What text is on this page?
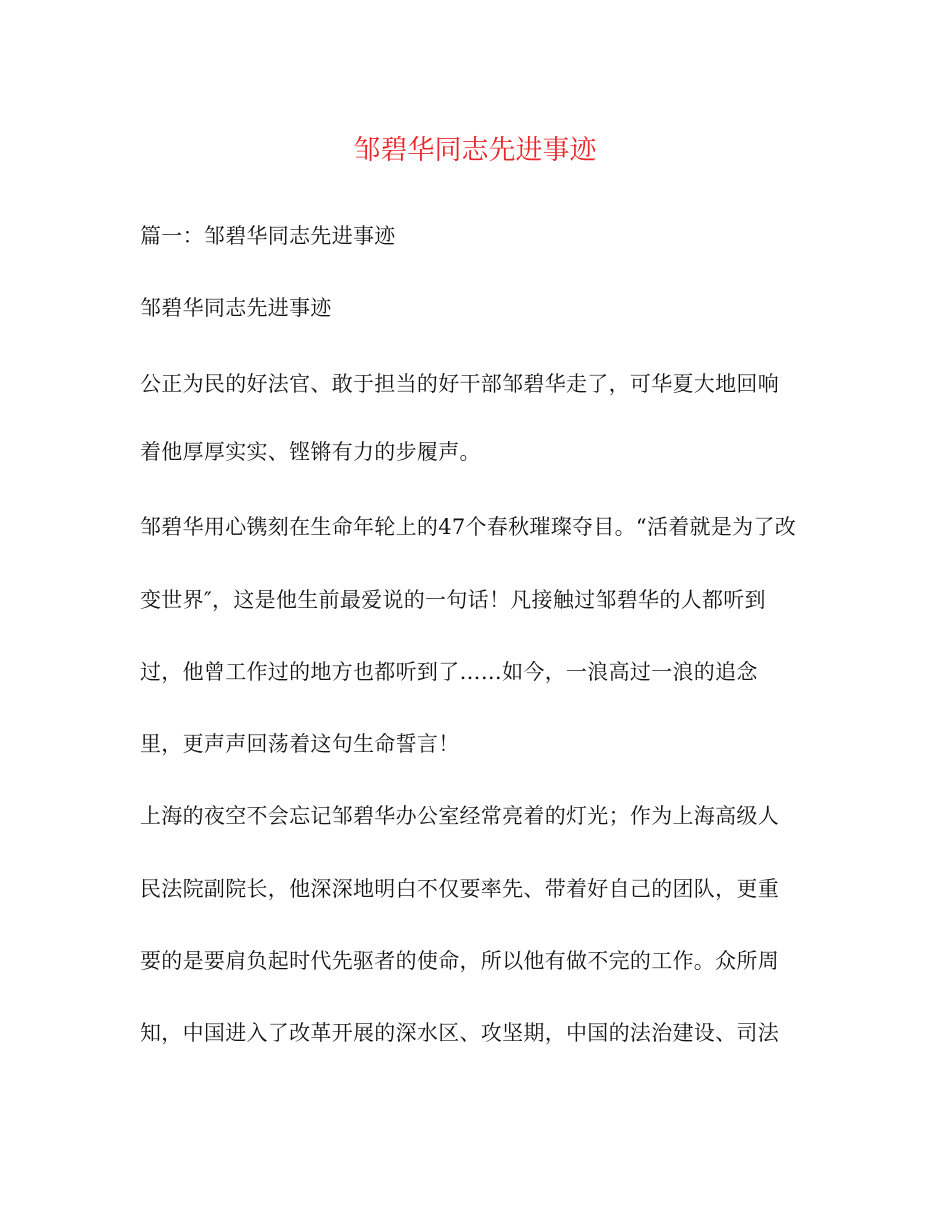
邹碧华同志先进事迹
篇一：邹碧华同志先进事迹
邹碧华同志先进事迹
公正为民的好法官、敢于担当的好干部邹碧华走了，可华夏大地回响
着他厚厚实实、铿锵有力的步履声。
邹碧华用心镌刻在生命年轮上的47个春秋璀璨夺目。“活着就是为了改
变世界″，这是他生前最爱说的一句话！凡接触过邹碧华的人都听到
过，他曾工作过的地方也都听到了……如今，一浪高过一浪的追念
里，更声声回荡着这句生命誓言！
上海的夜空不会忘记邹碧华办公室经常亮着的灯光；作为上海高级人
民法院副院长，他深深地明白不仅要率先、带着好自己的团队，更重
要的是要肩负起时代先驱者的使命，所以他有做不完的工作。众所周
知，中国进入了改革开展的深水区、攻坚期，中国的法治建设、司法
